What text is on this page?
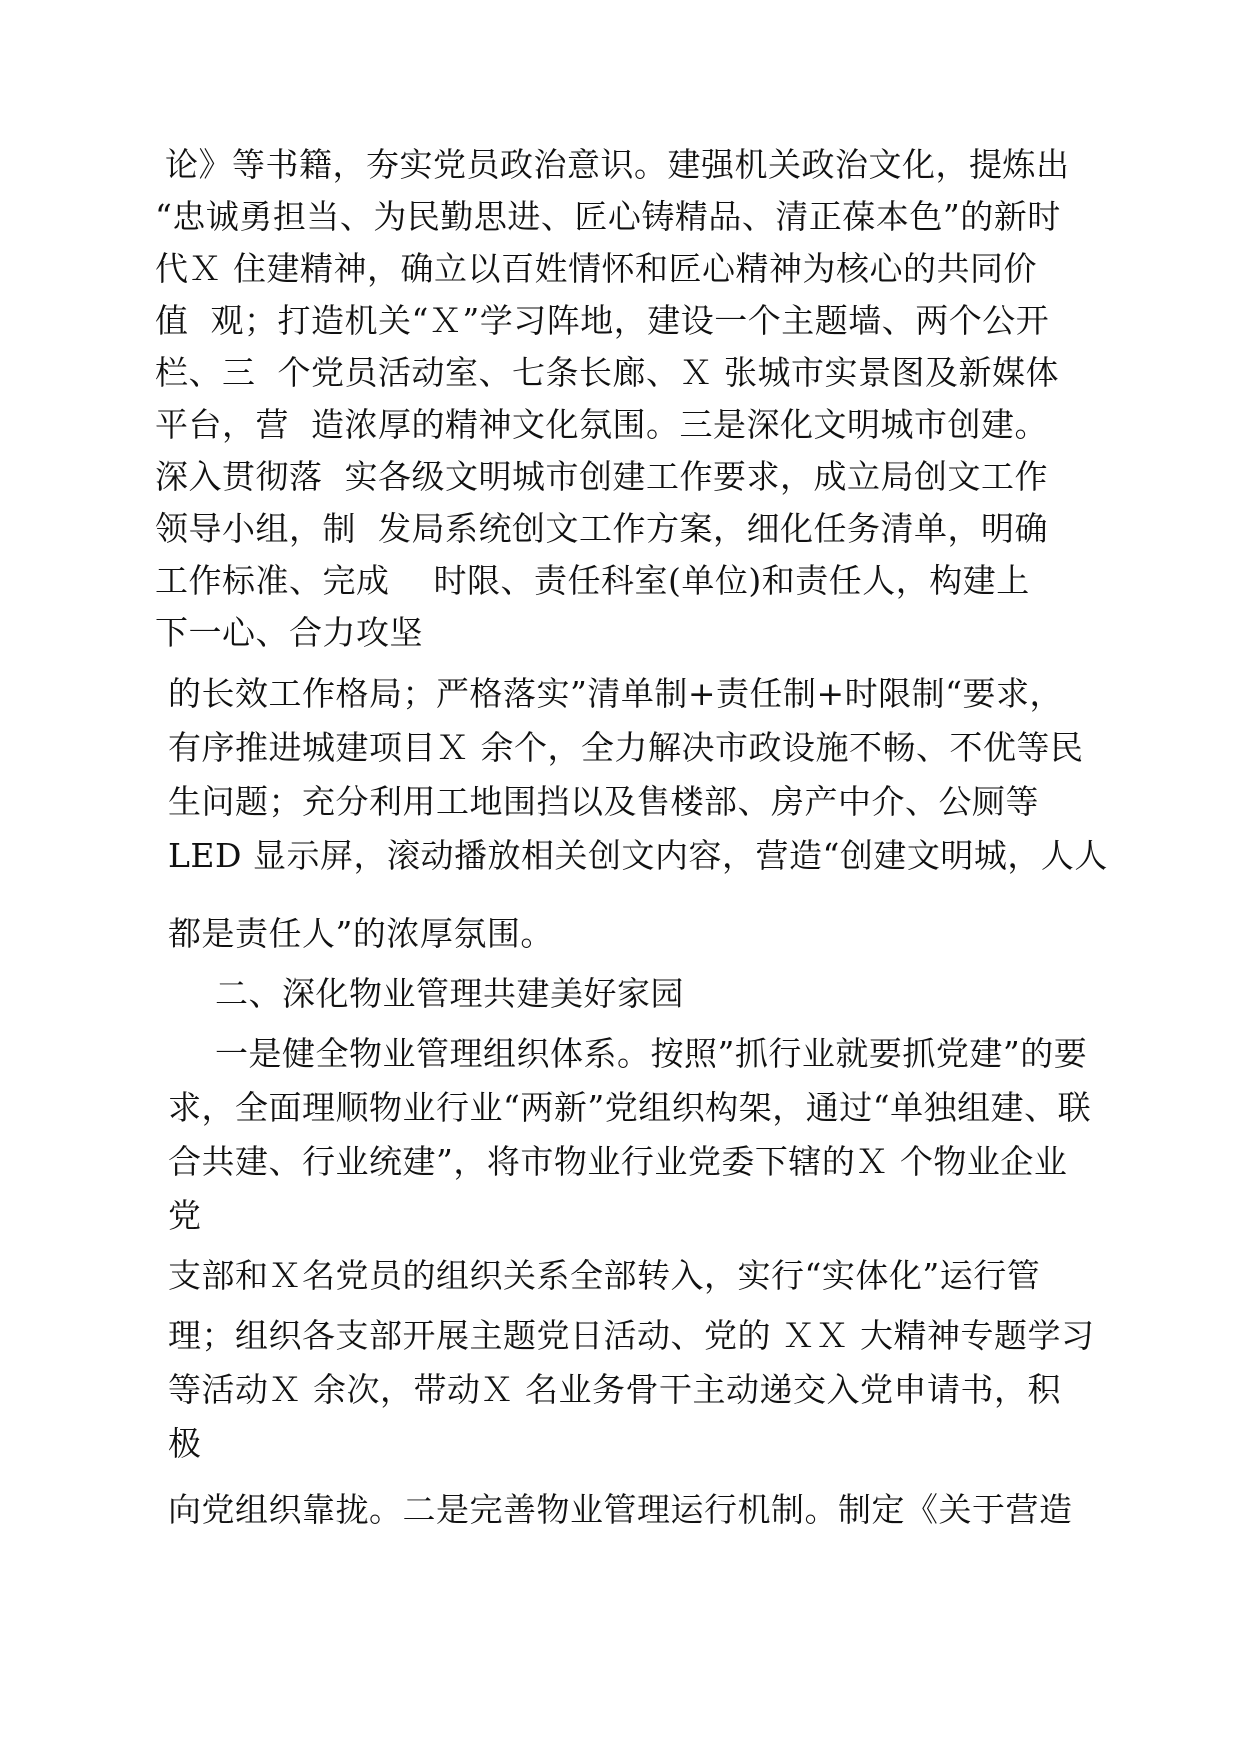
论》等书籍，夯实党员政治意识。建强机关政治文化，提炼出
“忠诚勇担当、为民勤思进、匠心铸精品、清正葆本色”的新时
代Ｘ 住建精神，确立以百姓情怀和匠心精神为核心的共同价
值  观；打造机关“Ｘ”学习阵地，建设一个主题墙、两个公开
栏、三  个党员活动室、七条长廊、Ｘ 张城市实景图及新媒体
平台，营  造浓厚的精神文化氛围。三是深化文明城市创建。
深入贯彻落  实各级文明城市创建工作要求，成立局创文工作
领导小组，制  发局系统创文工作方案，细化任务清单，明确
工作标准、完成    时限、责任科室(单位)和责任人，构建上
下一心、合力攻坚
的长效工作格局；严格落实”清单制+责任制+时限制“要求，
有序推进城建项目Ｘ 余个，全力解决市政设施不畅、不优等民
生问题；充分利用工地围挡以及售楼部、房产中介、公厕等
LED 显示屏，滚动播放相关创文内容，营造“创建文明城，人人
都是责任人”的浓厚氛围。
二、深化物业管理共建美好家园
一是健全物业管理组织体系。按照”抓行业就要抓党建”的要
求，全面理顺物业行业“两新”党组织构架，通过“单独组建、联
合共建、行业统建”，将市物业行业党委下辖的Ｘ 个物业企业
党
支部和Ｘ名党员的组织关系全部转入，实行“实体化”运行管
理；组织各支部开展主题党日活动、党的 ＸＸ 大精神专题学习
等活动Ｘ 余次，带动Ｘ 名业务骨干主动递交入党申请书，积
极
向党组织靠拢。二是完善物业管理运行机制。制定《关于营造
